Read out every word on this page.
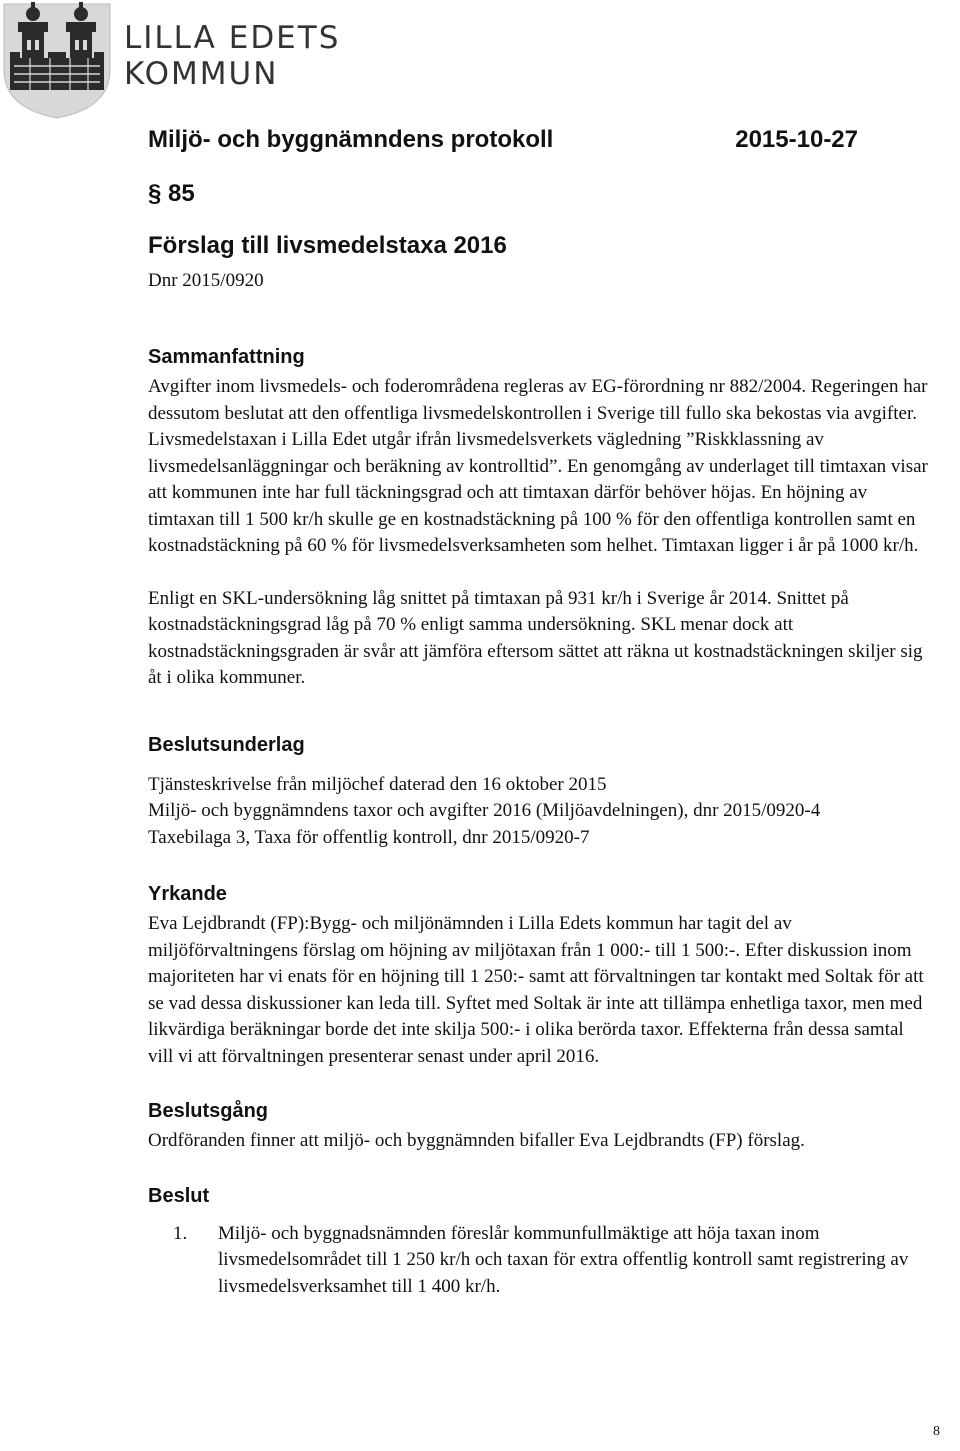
LILLA EDETS
KOMMUN
Miljö- och byggnämndens protokoll	2015-10-27
§ 85
Förslag till livsmedelstaxa 2016
Dnr 2015/0920
Sammanfattning

Avgifter inom livsmedels- och foderområdena regleras av EG-förordning nr 882/2004. Regeringen har dessutom beslutat att den offentliga livsmedelskontrollen i Sverige till fullo ska bekostas via avgifter. Livsmedelstaxan i Lilla Edet utgår ifrån livsmedelsverkets vägledning ”Riskklassning av livsmedelsanläggningar och beräkning av kontrolltid”. En genomgång av underlaget till timtaxan visar att kommunen inte har full täckningsgrad och att timtaxan därför behöver höjas. En höjning av timtaxan till 1 500 kr/h skulle ge en kostnadstäckning på 100 % för den offentliga kontrollen samt en kostnadstäckning på 60 % för livsmedelsverksamheten som helhet. Timtaxan ligger i år på 1000 kr/h.

Enligt en SKL-undersökning låg snittet på timtaxan på 931 kr/h i Sverige år 2014. Snittet på kostnadstäckningsgrad låg på 70 % enligt samma undersökning. SKL menar dock att kostnadstäckningsgraden är svår att jämföra eftersom sättet att räkna ut kostnadstäckningen skiljer sig åt i olika kommuner.

Beslutsunderlag

Tjänsteskrivelse från miljöchef daterad den 16 oktober 2015

Miljö- och byggnämndens taxor och avgifter 2016 (Miljöavdelningen), dnr 2015/0920-4

Taxebilaga 3, Taxa för offentlig kontroll, dnr 2015/0920-7

Yrkande

Eva Lejdbrandt (FP):Bygg- och miljönämnden i Lilla Edets kommun har tagit del av miljöförvaltningens förslag om höjning av miljötaxan från 1 000:- till 1 500:-. Efter diskussion inom majoriteten har vi enats för en höjning till 1 250:- samt att förvaltningen tar kontakt med Soltak för att se vad dessa diskussioner kan leda till. Syftet med Soltak är inte att tillämpa enhetliga taxor, men med likvärdiga beräkningar borde det inte skilja 500:- i olika berörda taxor. Effekterna från dessa samtal vill vi att förvaltningen presenterar senast under april 2016.

Beslutsgång

Ordföranden finner att miljö- och byggnämnden bifaller Eva Lejdbrandts (FP) förslag.

Beslut
1. Miljö- och byggnadsnämnden föreslår kommunfullmäktige att höja taxan inom livsmedelsområdet till 1 250 kr/h och taxan för extra offentlig kontroll samt registrering av livsmedelsverksamhet till 1 400 kr/h.
8
